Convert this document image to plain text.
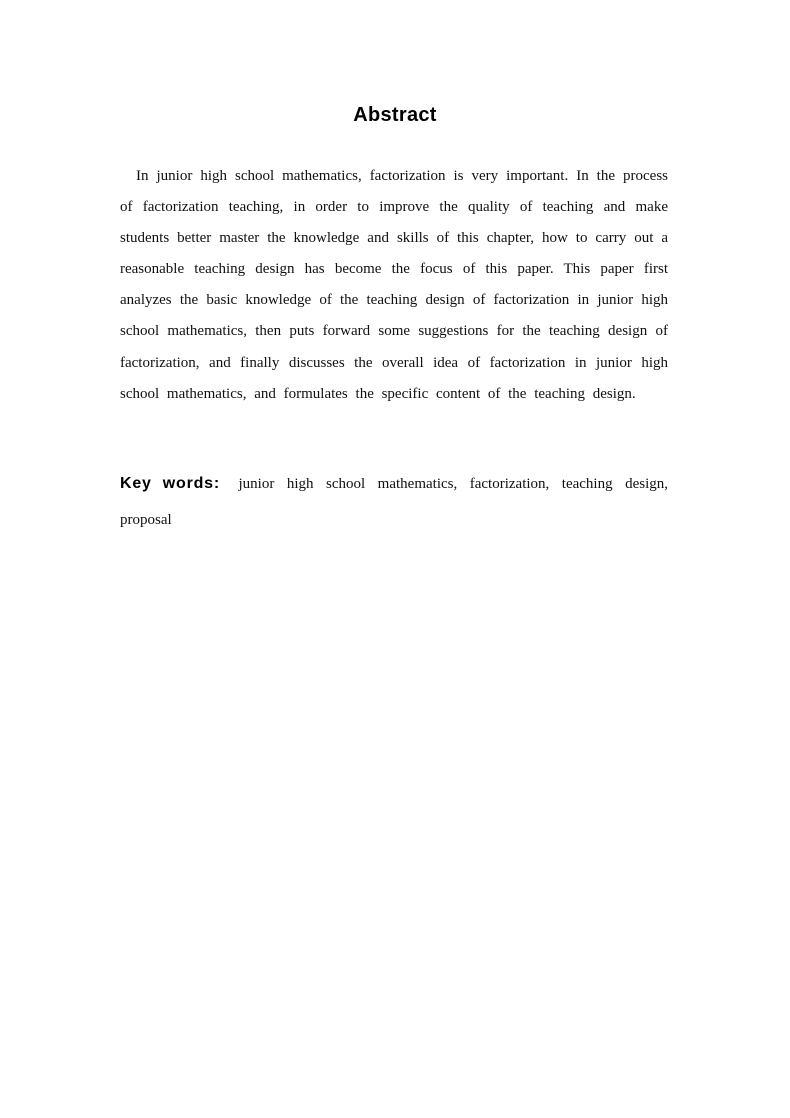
Abstract

In junior high school mathematics, factorization is very important. In the process of factorization teaching, in order to improve the quality of teaching and make students better master the knowledge and skills of this chapter, how to carry out a reasonable teaching design has become the focus of this paper. This paper first analyzes the basic knowledge of the teaching design of factorization in junior high school mathematics, then puts forward some suggestions for the teaching design of factorization, and finally discusses the overall idea of factorization in junior high school mathematics, and formulates the specific content of the teaching design.

Key words: junior high school mathematics, factorization, teaching design, proposal
